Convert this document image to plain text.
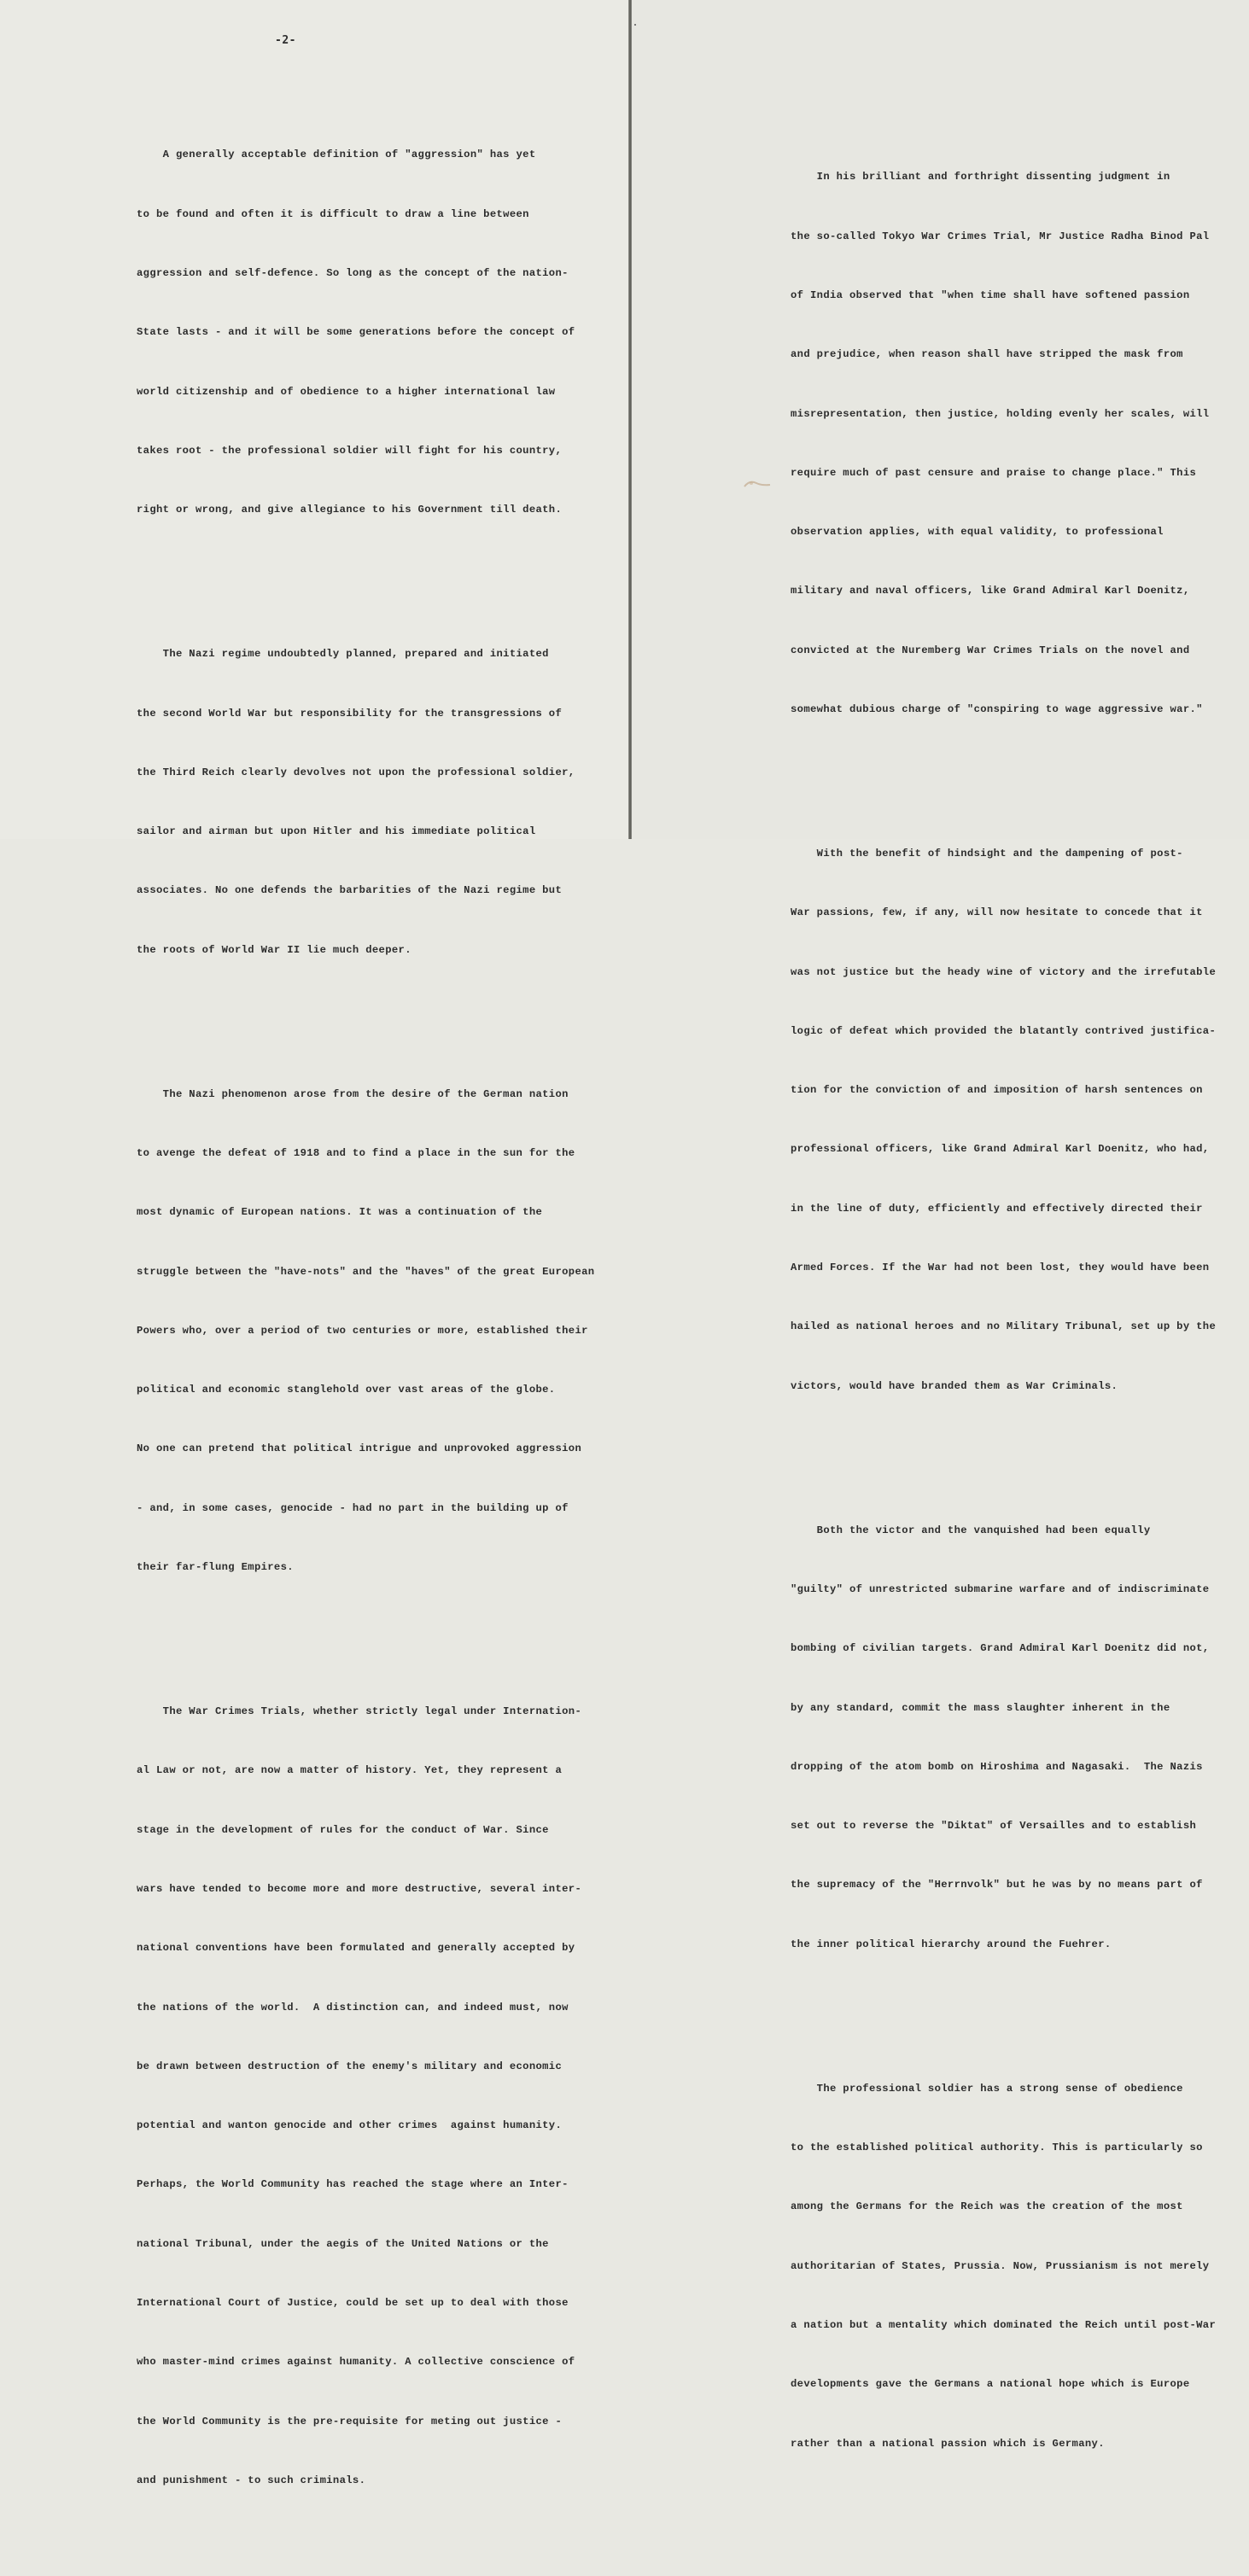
-2-

A generally acceptable definition of "aggression" has yet

to be found and often it is difficult to draw a line between

aggression and self-defence. So long as the concept of the nation-

State lasts - and it will be some generations before the concept of

world citizenship and of obedience to a higher international law

takes root - the professional soldier will fight for his country,

right or wrong, and give allegiance to his Government till death.

The Nazi regime undoubtedly planned, prepared and initiated

the second World War but responsibility for the transgressions of

the Third Reich clearly devolves not upon the professional soldier,

sailor and airman but upon Hitler and his immediate political

associates. No one defends the barbarities of the Nazi regime but

the roots of World War II lie much deeper.

The Nazi phenomenon arose from the desire of the German nation

to avenge the defeat of 1918 and to find a place in the sun for the

most dynamic of European nations. It was a continuation of the

struggle between the "have-nots" and the "haves" of the great European

Powers who, over a period of two centuries or more, established their

political and economic stanglehold over vast areas of the globe.

No one can pretend that political intrigue and unprovoked aggression

- and, in some cases, genocide - had no part in the building up of

their far-flung Empires.

The War Crimes Trials, whether strictly legal under Internation-

al Law or not, are now a matter of history. Yet, they represent a

stage in the development of rules for the conduct of War. Since

wars have tended to become more and more destructive, several inter-

national conventions have been formulated and generally accepted by

the nations of the world.  A distinction can, and indeed must, now

be drawn between destruction of the enemy's military and economic

potential and wanton genocide and other crimes  against humanity.

Perhaps, the World Community has reached the stage where an Inter-

national Tribunal, under the aegis of the United Nations or the

International Court of Justice, could be set up to deal with those

who master-mind crimes against humanity. A collective conscience of

the World Community is the pre-requisite for meting out justice -

and punishment - to such criminals.

In his brilliant and forthright dissenting judgment in

the so-called Tokyo War Crimes Trial, Mr Justice Radha Binod Pal

of India observed that "when time shall have softened passion

and prejudice, when reason shall have stripped the mask from

misrepresentation, then justice, holding evenly her scales, will

require much of past censure and praise to change place." This

observation applies, with equal validity, to professional

military and naval officers, like Grand Admiral Karl Doenitz,

convicted at the Nuremberg War Crimes Trials on the novel and

somewhat dubious charge of "conspiring to wage aggressive war."

With the benefit of hindsight and the dampening of post-

War passions, few, if any, will now hesitate to concede that it

was not justice but the heady wine of victory and the irrefutable

logic of defeat which provided the blatantly contrived justifica-

tion for the conviction of and imposition of harsh sentences on

professional officers, like Grand Admiral Karl Doenitz, who had,

in the line of duty, efficiently and effectively directed their

Armed Forces. If the War had not been lost, they would have been

hailed as national heroes and no Military Tribunal, set up by the

victors, would have branded them as War Criminals.

Both the victor and the vanquished had been equally

"guilty" of unrestricted submarine warfare and of indiscriminate

bombing of civilian targets. Grand Admiral Karl Doenitz did not,

by any standard, commit the mass slaughter inherent in the

dropping of the atom bomb on Hiroshima and Nagasaki.  The Nazis

set out to reverse the "Diktat" of Versailles and to establish

the supremacy of the "Herrnvolk" but he was by no means part of

the inner political hierarchy around the Fuehrer.

The professional soldier has a strong sense of obedience

to the established political authority. This is particularly so

among the Germans for the Reich was the creation of the most

authoritarian of States, Prussia. Now, Prussianism is not merely

a nation but a mentality which dominated the Reich until post-War

developments gave the Germans a national hope which is Europe

rather than a national passion which is Germany.
